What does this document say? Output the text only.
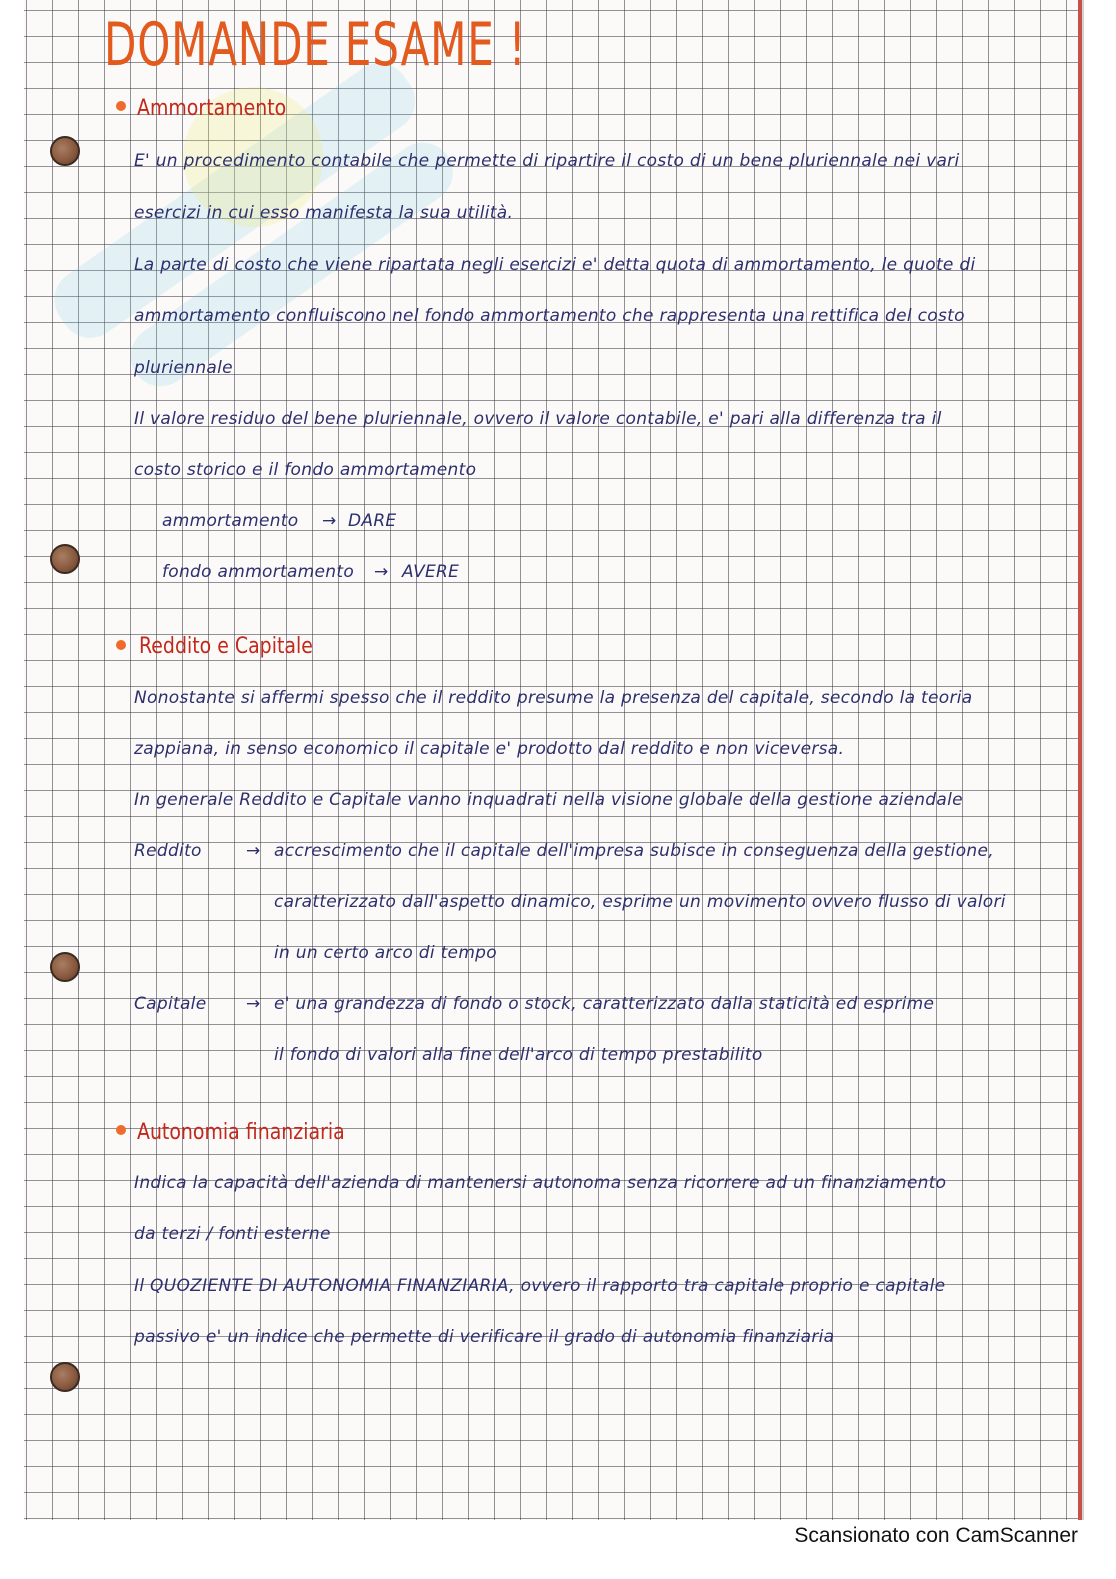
DOMANDE ESAME !
Ammortamento
E' un procedimento contabile che permette di ripartire il costo di un bene pluriennale nei vari
esercizi in cui esso manifesta la sua utilità.
La parte di costo che viene ripartata negli esercizi e' detta quota di ammortamento, le quote di
ammortamento confluiscono nel fondo ammortamento che rappresenta una rettifica del costo
pluriennale
Il valore residuo del bene pluriennale, ovvero il valore contabile, e' pari alla differenza tra il
costo storico e il fondo ammortamento
ammortamento → DARE
fondo ammortamento → AVERE
Reddito e Capitale
Nonostante si affermi spesso che il reddito presume la presenza del capitale, secondo la teoria
zappiana, in senso economico il capitale e' prodotto dal reddito e non viceversa.
In generale Reddito e Capitale vanno inquadrati nella visione globale della gestione aziendale
Reddito	→ accrescimento che il capitale dell'impresa subisce in conseguenza della gestione,
caratterizzato dall'aspetto dinamico, esprime un movimento ovvero flusso di valori
in un certo arco di tempo
Capitale → e' una grandezza di fondo o stock, caratterizzato dalla staticità ed esprime
il fondo di valori alla fine dell'arco di tempo prestabilito
Autonomia finanziaria
Indica la capacità dell'azienda di mantenersi autonoma senza ricorrere ad un finanziamento
da terzi / fonti esterne
Il QUOZIENTE DI AUTONOMIA FINANZIARIA, ovvero il rapporto tra capitale proprio e capitale
passivo e' un indice che permette di verificare il grado di autonomia finanziaria
Scansionato con CamScanner
